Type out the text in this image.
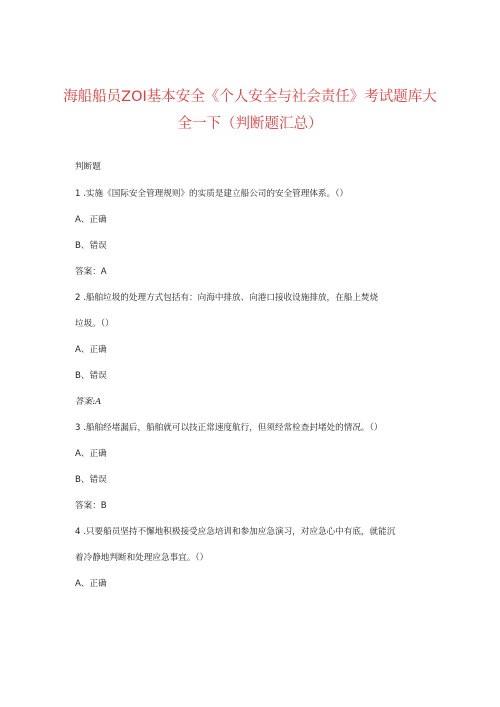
海船船员ZOI基本安全《个人安全与社会责任》考试题库大
全一下（判断题汇总）
判断题
1 .实施《国际安全管理规则》的实质是建立船公司的安全管理体系。（）
A、正确
B、错误
答案：A
2 .船舶垃圾的处理方式包括有：向海中排放、向港口接收设施排放，在船上焚烧
垃圾。（）
A、正确
B、错误
答案:A
3 .船舶经堵漏后，船舶就可以技正常速度航行，但须经常检查封堵处的情况。（）
A、正确
B、错误
答案：B
4 .只要船员坚持不懈地积极接受应急培训和参加应急演习，对应急心中有底，就能沉
着冷静地判断和处理应急事宜。（）
A、正确
